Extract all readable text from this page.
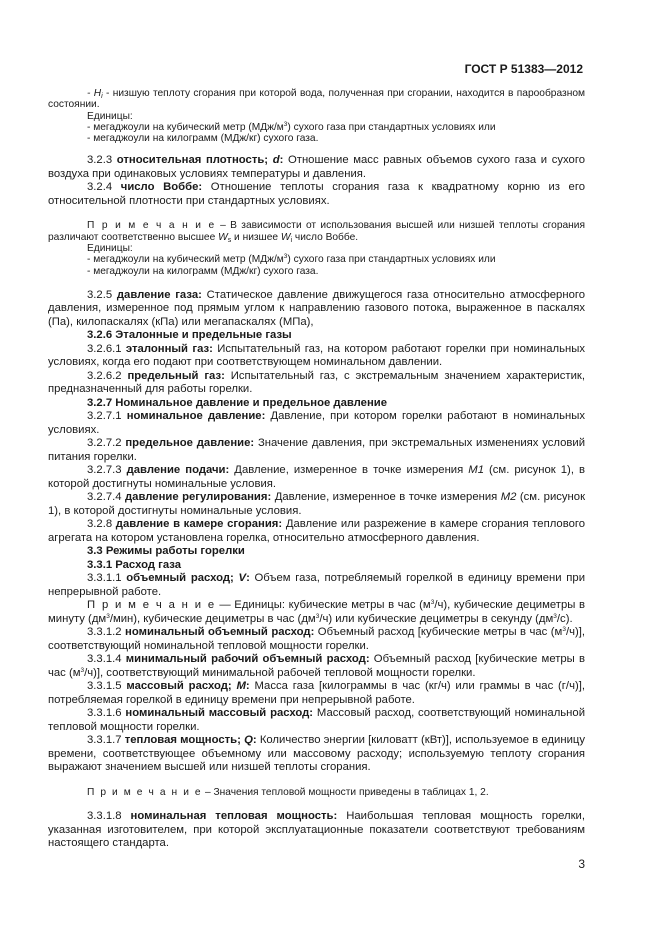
ГОСТ Р 51383—2012

- $H_i$ - низшую теплоту сгорания при которой вода, полученная при сгорании, находится в парообразном состоянии.

Единицы:

- мегаджоули на кубический метр $(МДж/м^3)$ сухого газа при стандартных условиях или

- мегаджоули на килограмм (МДж/кг) сухого газа.

3.2.3 относительная плотность; d: Отношение масс равных объемов сухого газа и сухого воздуха при одинаковых условиях температуры и давления.

3.2.4 число Воббе: Отношение теплоты сгорания газа к квадратному корню из его относительной плотности при стандартных условиях.

П р и м е ч а н и е – В зависимости от использования высшей или низшей теплоты сгорания различают соответственно высшее $W_s$ и низшее $W_i$ число Воббе.

Единицы:

- мегаджоули на кубический метр $(МДж/м^3)$ сухого газа при стандартных условиях или

- мегаджоули на килограмм (МДж/кг) сухого газа.

3.2.5 давление газа: Статическое давление движущегося газа относительно атмосферного давления, измеренное под прямым углом к направлению газового потока, выраженное в паскалях (Па), килопаскалях (кПа) или мегапаскалях (МПа),

3.2.6 Эталонные и предельные газы

3.2.6.1 эталонный газ: Испытательный газ, на котором работают горелки при номинальных условиях, когда его подают при соответствующем номинальном давлении.

3.2.6.2 предельный газ: Испытательный газ, с экстремальным значением характеристик, предназначенный для работы горелки.

3.2.7 Номинальное давление и предельное давление

3.2.7.1 номинальное давление: Давление, при котором горелки работают в номинальных условиях.

3.2.7.2 предельное давление: Значение давления, при экстремальных изменениях условий питания горелки.

3.2.7.3 давление подачи: Давление, измеренное в точке измерения M1 (см. рисунок 1), в которой достигнуты номинальные условия.

3.2.7.4 давление регулирования: Давление, измеренное в точке измерения M2 (см. рисунок 1), в которой достигнуты номинальные условия.

3.2.8 давление в камере сгорания: Давление или разрежение в камере сгорания теплового агрегата на котором установлена горелка, относительно атмосферного давления.

3.3 Режимы работы горелки

3.3.1 Расход газа

3.3.1.1 объемный расход; V: Объем газа, потребляемый горелкой в единицу времени при непрерывной работе.

П р и м е ч а н и е — Единицы: кубические метры в час $(м^3/ч)$, кубические дециметры в минуту $(дм^3/мин)$, кубические дециметры в час $(дм^3/ч)$ или кубические дециметры в секунду $(дм^3/с)$.

3.3.1.2 номинальный объемный расход: Объемный расход [кубические метры в час $(м^3/ч)$], соответствующий номинальной тепловой мощности горелки.

3.3.1.4 минимальный рабочий объемный расход: Объемный расход [кубические метры в час $(м^3/ч)$], соответствующий минимальной рабочей тепловой мощности горелки.

3.3.1.5 массовый расход; M: Масса газа [килограммы в час (кг/ч) или граммы в час (г/ч)], потребляемая горелкой в единицу времени при непрерывной работе.

3.3.1.6 номинальный массовый расход: Массовый расход, соответствующий номинальной тепловой мощности горелки.

3.3.1.7 тепловая мощность; Q: Количество энергии [киловатт (кВт)], используемое в единицу времени, соответствующее объемному или массовому расходу; используемую теплоту сгорания выражают значением высшей или низшей теплоты сгорания.

П р и м е ч а н и е – Значения тепловой мощности приведены в таблицах 1, 2.

3.3.1.8 номинальная тепловая мощность: Наибольшая тепловая мощность горелки, указанная изготовителем, при которой эксплуатационные показатели соответствуют требованиям настоящего стандарта.

3
